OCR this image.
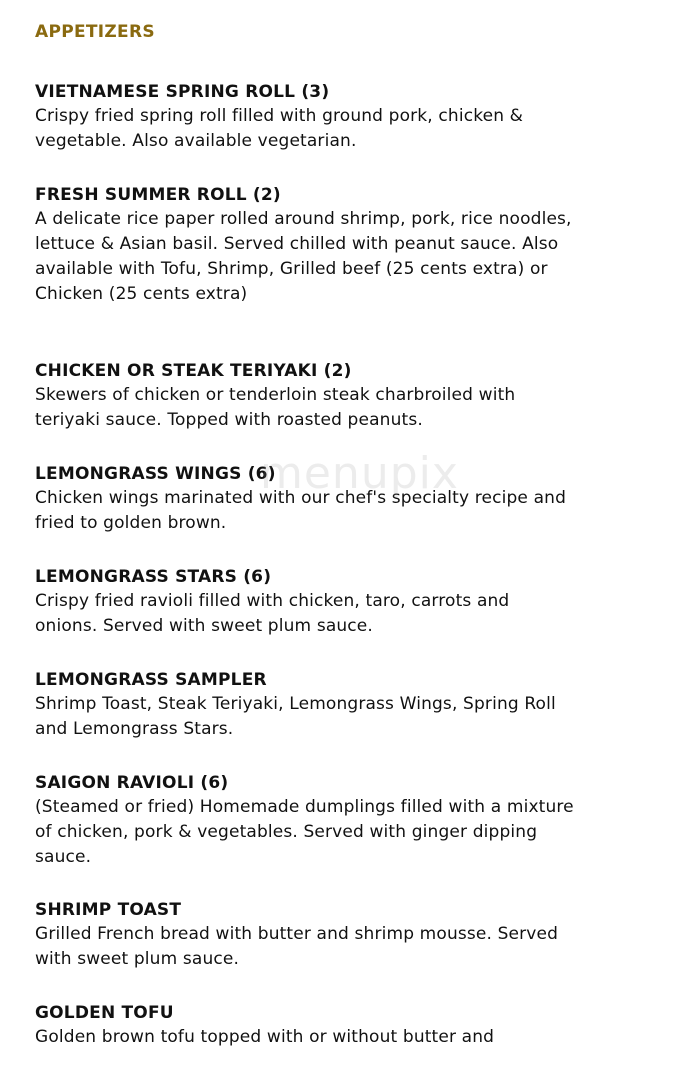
APPETIZERS
VIETNAMESE SPRING ROLL (3)
Crispy fried spring roll filled with ground pork, chicken & vegetable. Also available vegetarian.
FRESH SUMMER ROLL (2)
A delicate rice paper rolled around shrimp, pork, rice noodles, lettuce & Asian basil. Served chilled with peanut sauce. Also available with Tofu, Shrimp, Grilled beef (25 cents extra) or Chicken (25 cents extra)
CHICKEN OR STEAK TERIYAKI (2)
Skewers of chicken or tenderloin steak charbroiled with teriyaki sauce. Topped with roasted peanuts.
LEMONGRASS WINGS (6)
Chicken wings marinated with our chef's specialty recipe and fried to golden brown.
LEMONGRASS STARS (6)
Crispy fried ravioli filled with chicken, taro, carrots and onions. Served with sweet plum sauce.
LEMONGRASS SAMPLER
Shrimp Toast, Steak Teriyaki, Lemongrass Wings, Spring Roll and Lemongrass Stars.
SAIGON RAVIOLI (6)
(Steamed or fried) Homemade dumplings filled with a mixture of chicken, pork & vegetables. Served with ginger dipping sauce.
SHRIMP TOAST
Grilled French bread with butter and shrimp mousse. Served with sweet plum sauce.
GOLDEN TOFU
Golden brown tofu topped with or without butter and
menupix
